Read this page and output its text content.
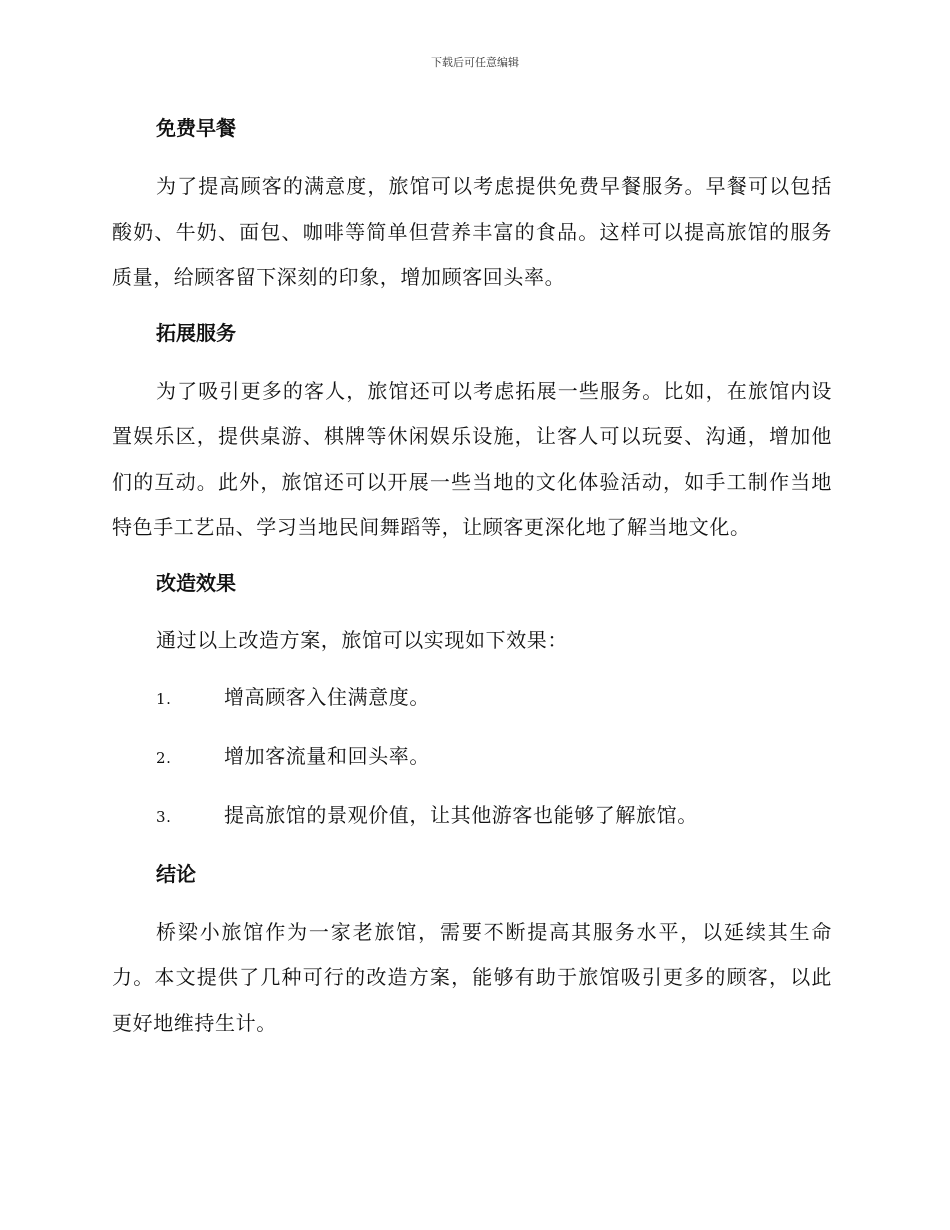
下载后可任意编辑
免费早餐

为了提高顾客的满意度，旅馆可以考虑提供免费早餐服务。早餐可以包括酸奶、牛奶、面包、咖啡等简单但营养丰富的食品。这样可以提高旅馆的服务质量，给顾客留下深刻的印象，增加顾客回头率。

拓展服务

为了吸引更多的客人，旅馆还可以考虑拓展一些服务。比如，在旅馆内设置娱乐区，提供桌游、棋牌等休闲娱乐设施，让客人可以玩耍、沟通，增加他们的互动。此外，旅馆还可以开展一些当地的文化体验活动，如手工制作当地特色手工艺品、学习当地民间舞蹈等，让顾客更深化地了解当地文化。

改造效果

通过以上改造方案，旅馆可以实现如下效果：

1.	增高顾客入住满意度。
2.	增加客流量和回头率。
3.	提高旅馆的景观价值，让其他游客也能够了解旅馆。
结论

桥梁小旅馆作为一家老旅馆，需要不断提高其服务水平，以延续其生命力。本文提供了几种可行的改造方案，能够有助于旅馆吸引更多的顾客，以此更好地维持生计。
